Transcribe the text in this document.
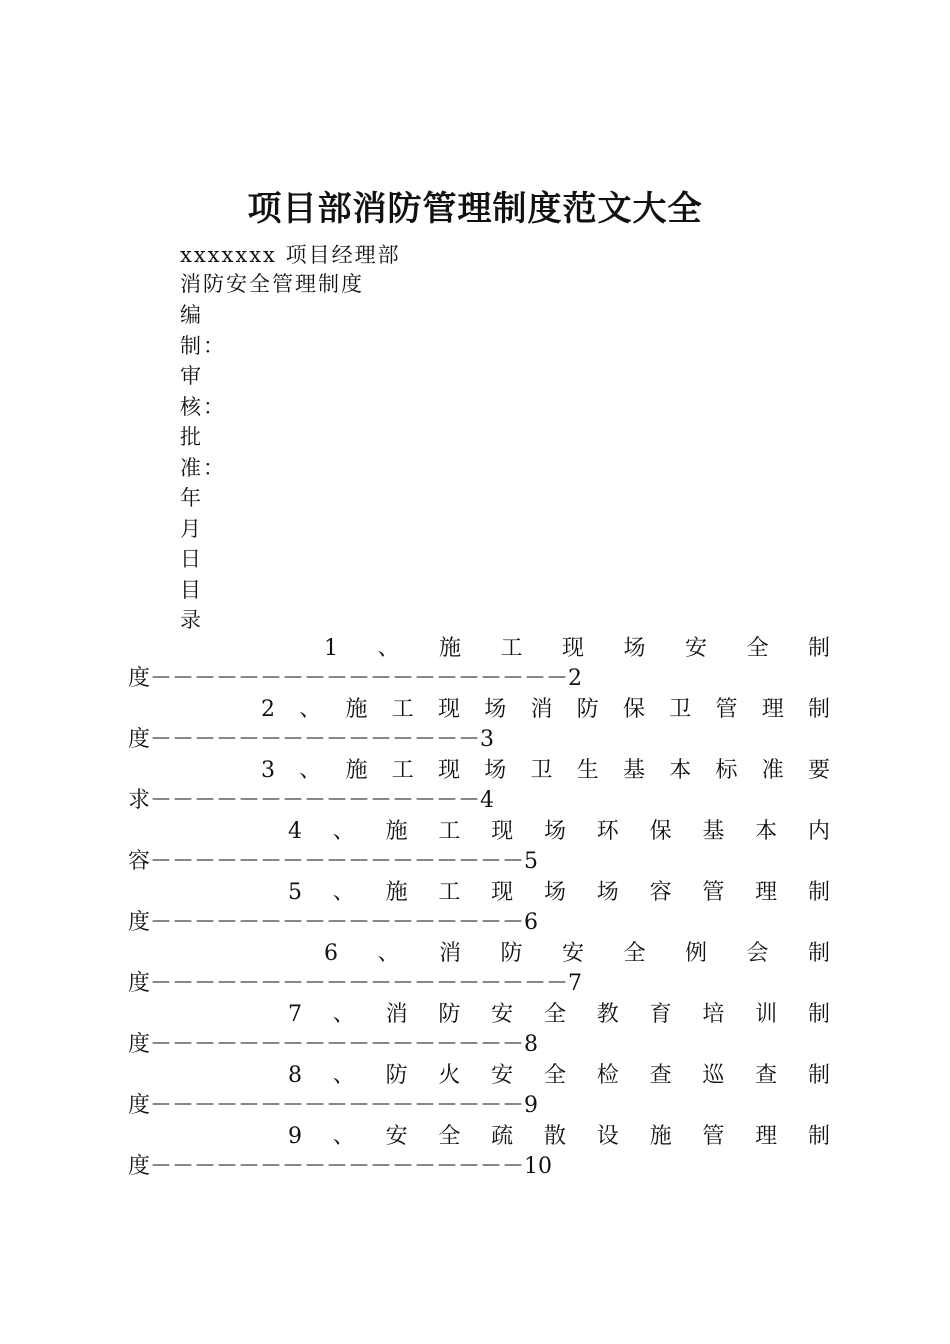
项目部消防管理制度范文大全
xxxxxxx 项目经理部
消防安全管理制度
编
制：
审
核：
批
准：
年
月
日
目
录
1 、 施 工 现 场 安 全 制
度－－－－－－－－－－－－－－－－－－－2
2 、 施 工 现 场 消 防 保 卫 管 理 制
度－－－－－－－－－－－－－－－3
3 、 施 工 现 场 卫 生 基 本 标 准 要
求－－－－－－－－－－－－－－－4
4 、 施 工 现 场 环 保 基 本 内
容－－－－－－－－－－－－－－－－－5
5 、 施 工 现 场 场 容 管 理 制
度－－－－－－－－－－－－－－－－－6
6 、 消 防 安 全 例 会 制
度－－－－－－－－－－－－－－－－－－－7
7 、 消 防 安 全 教 育 培 训 制
度－－－－－－－－－－－－－－－－－8
8 、 防 火 安 全 检 查 巡 查 制
度－－－－－－－－－－－－－－－－－9
9 、 安 全 疏 散 设 施 管 理 制
度－－－－－－－－－－－－－－－－－10
